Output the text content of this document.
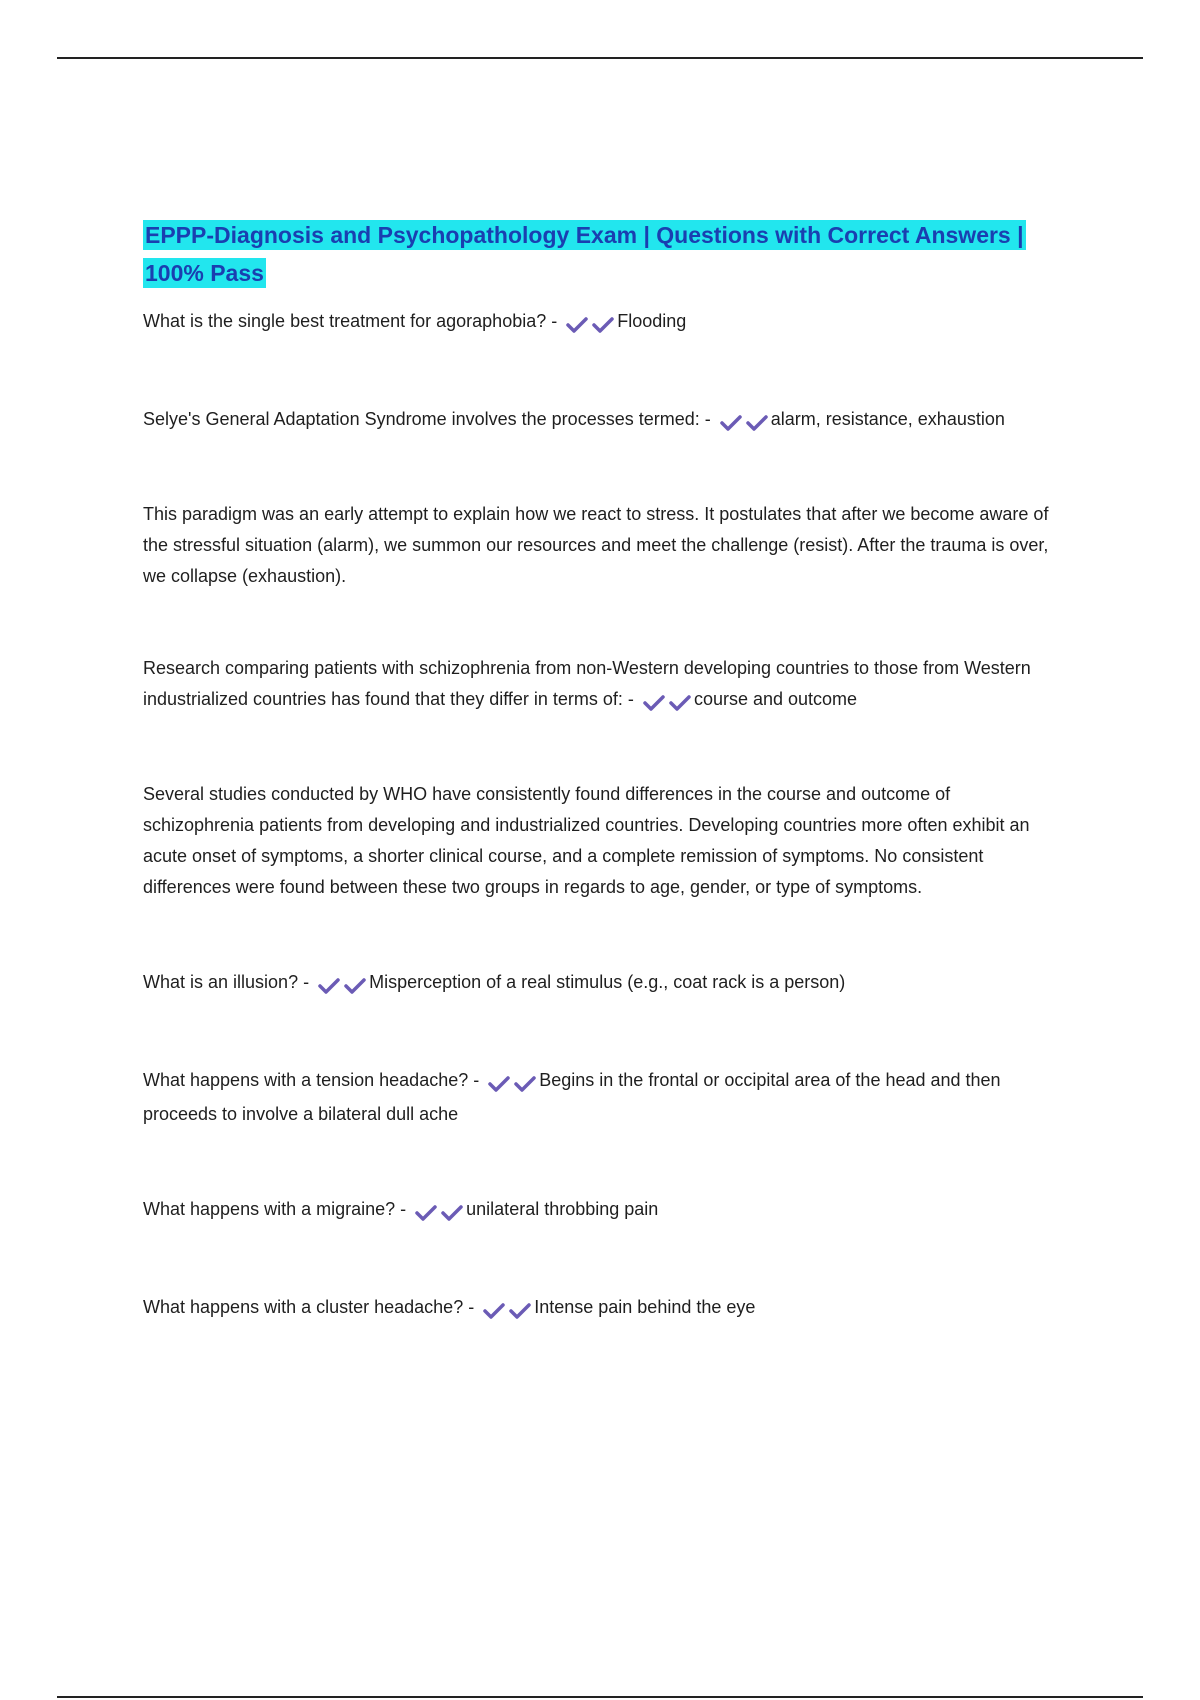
EPPP-Diagnosis and Psychopathology Exam | Questions with Correct Answers | 100% Pass

What is the single best treatment for agoraphobia? -	Flooding

Selye's General Adaptation Syndrome involves the processes termed: -	alarm, resistance, exhaustion

This paradigm was an early attempt to explain how we react to stress. It postulates that after we become aware of the stressful situation (alarm), we summon our resources and meet the challenge (resist). After the trauma is over, we collapse (exhaustion).

Research comparing patients with schizophrenia from non-Western developing countries to those from Western industrialized countries has found that they differ in terms of: -	course and outcome

Several studies conducted by WHO have consistently found differences in the course and outcome of schizophrenia patients from developing and industrialized countries. Developing countries more often exhibit an acute onset of symptoms, a shorter clinical course, and a complete remission of symptoms. No consistent differences were found between these two groups in regards to age, gender, or type of symptoms.

What is an illusion? -	Misperception of a real stimulus (e.g., coat rack is a person)

What happens with a tension headache? -	Begins in the frontal or occipital area of the head and then proceeds to involve a bilateral dull ache

What happens with a migraine? -	unilateral throbbing pain

What happens with a cluster headache? -	Intense pain behind the eye
